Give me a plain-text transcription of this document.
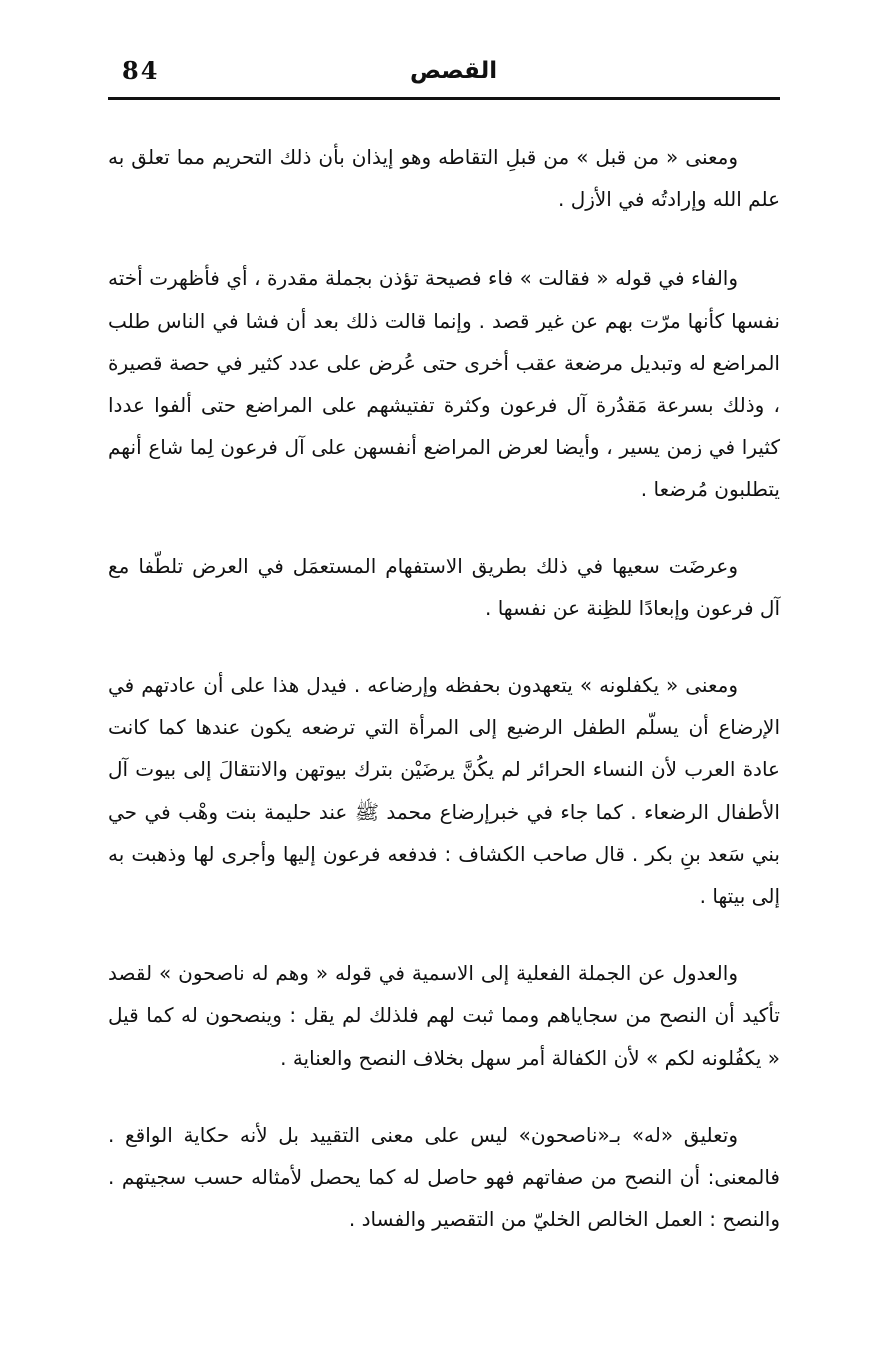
84	القصص

ومعنى « من قبل » من قبلِ التقاطه وهو إيذان بأن ذلك التحريم مما تعلق به علم الله وإرادتُه في الأزل .

والفاء في قوله « فقالت » فاء فصيحة تؤذن بجملة مقدرة ، أي فأظهرت أخته نفسها كأنها مرّت بهم عن غير قصد . وإنما قالت ذلك بعد أن فشا في الناس طلب المراضع له وتبديل مرضعة عقب أخرى حتى عُرض على عدد كثير في حصة قصيرة ، وذلك بسرعة مَقدُرة آل فرعون وكثرة تفتيشهم على المراضع حتى ألفوا عددا كثيرا في زمن يسير ، وأيضا لعرض المراضع أنفسهن على آل فرعون لِما شاع أنهم يتطلبون مُرضعا .

وعرضَت سعيها في ذلك بطريق الاستفهام المستعمَل في العرض تلطّفا مع آل فرعون وإبعادًا للظِنة عن نفسها .

ومعنى « يكفلونه » يتعهدون بحفظه وإرضاعه . فيدل هذا على أن عادتهم في الإرضاع أن يسلّم الطفل الرضيع إلى المرأة التي ترضعه يكون عندها كما كانت عادة العرب لأن النساء الحرائر لم يكُنَّ يرضَيْن بترك بيوتهن والانتقالَ إلى بيوت آل الأطفال الرضعاء . كما جاء في خبرإرضاع محمد ﷺ عند حليمة بنت وهْب في حي بني سَعد بنِ بكر . قال صاحب الكشاف : فدفعه فرعون إليها وأجرى لها وذهبت به إلى بيتها .

والعدول عن الجملة الفعلية إلى الاسمية في قوله « وهم له ناصحون » لقصد تأكيد أن النصح من سجاياهم ومما ثبت لهم فلذلك لم يقل : وينصحون له كما قيل « يكفُلونه لكم » لأن الكفالة أمر سهل بخلاف النصح والعناية .

وتعليق «له» بـ«ناصحون» ليس على معنى التقييد بل لأنه حكاية الواقع . فالمعنى: أن النصح من صفاتهم فهو حاصل له كما يحصل لأمثاله حسب سجيتهم . والنصح : العمل الخالص الخليّ من التقصير والفساد .
